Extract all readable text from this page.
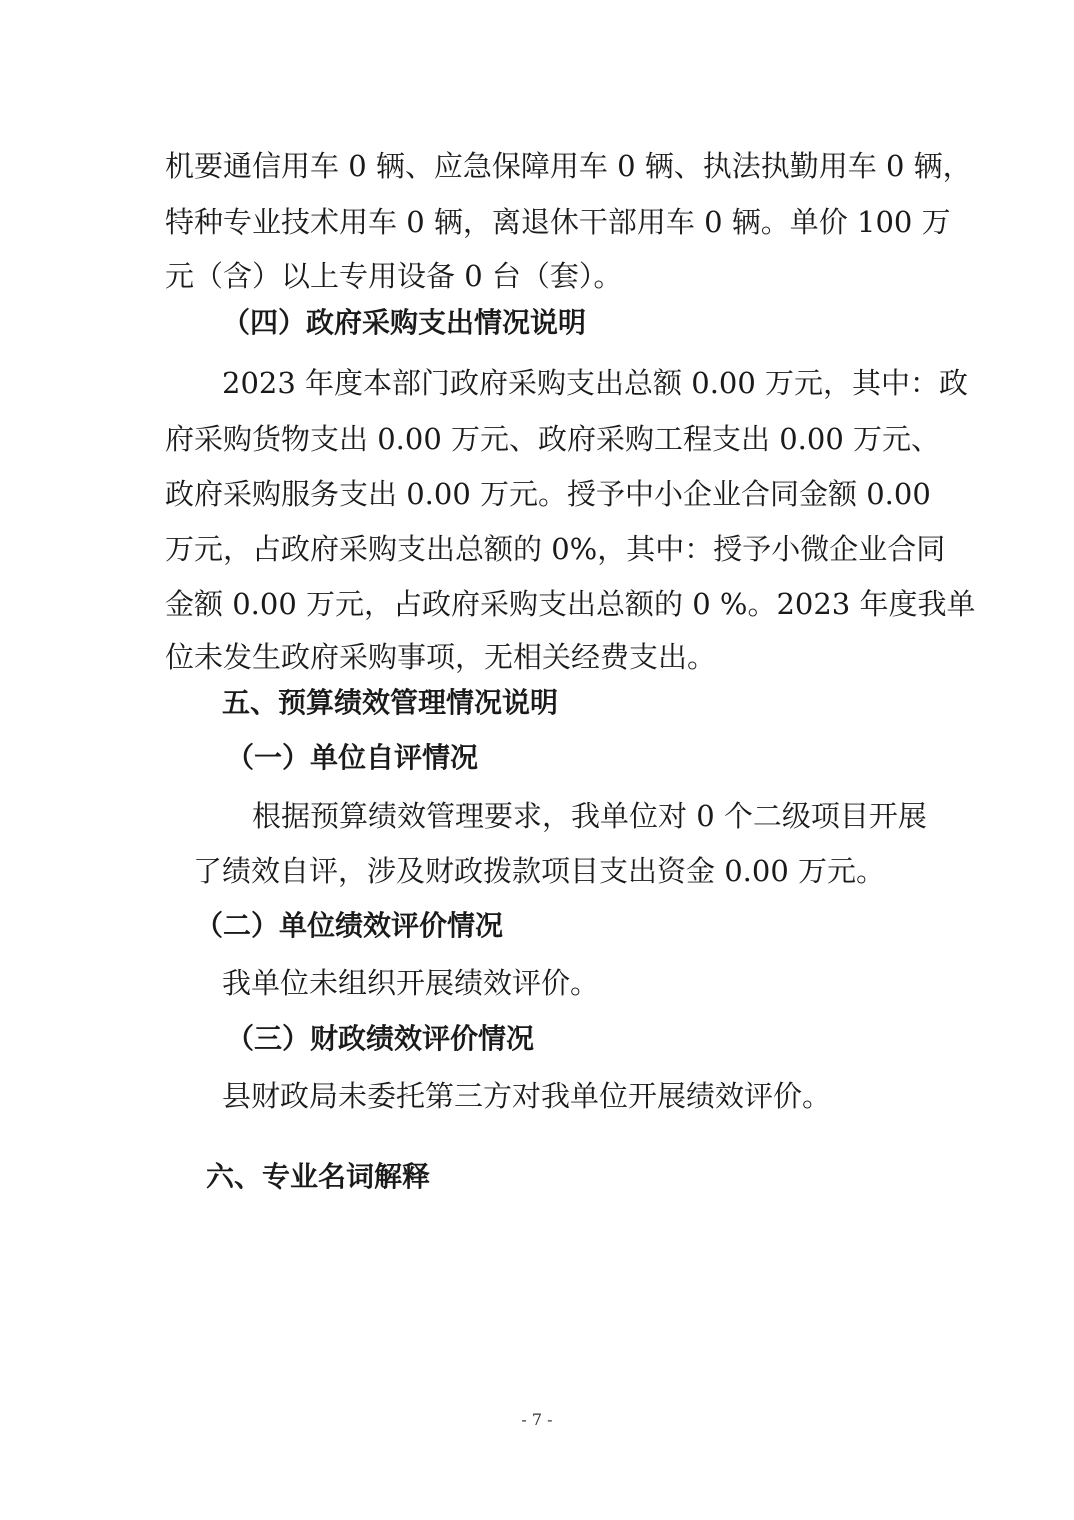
机要通信用车 0 辆、应急保障用车 0 辆、执法执勤用车 0 辆，
特种专业技术用车 0 辆，离退休干部用车 0 辆。单价 100 万
元（含）以上专用设备 0 台（套）。
（四）政府采购支出情况说明
2023 年度本部门政府采购支出总额 0.00 万元，其中：政
府采购货物支出 0.00 万元、政府采购工程支出 0.00 万元、
政府采购服务支出 0.00 万元。授予中小企业合同金额 0.00
万元，占政府采购支出总额的 0%，其中：授予小微企业合同
金额 0.00 万元，占政府采购支出总额的 0 %。2023 年度我单
位未发生政府采购事项，无相关经费支出。
五、预算绩效管理情况说明
（一）单位自评情况
根据预算绩效管理要求，我单位对 0 个二级项目开展
了绩效自评，涉及财政拨款项目支出资金 0.00 万元。
（二）单位绩效评价情况
我单位未组织开展绩效评价。
（三）财政绩效评价情况
县财政局未委托第三方对我单位开展绩效评价。
六、专业名词解释
- 7 -
